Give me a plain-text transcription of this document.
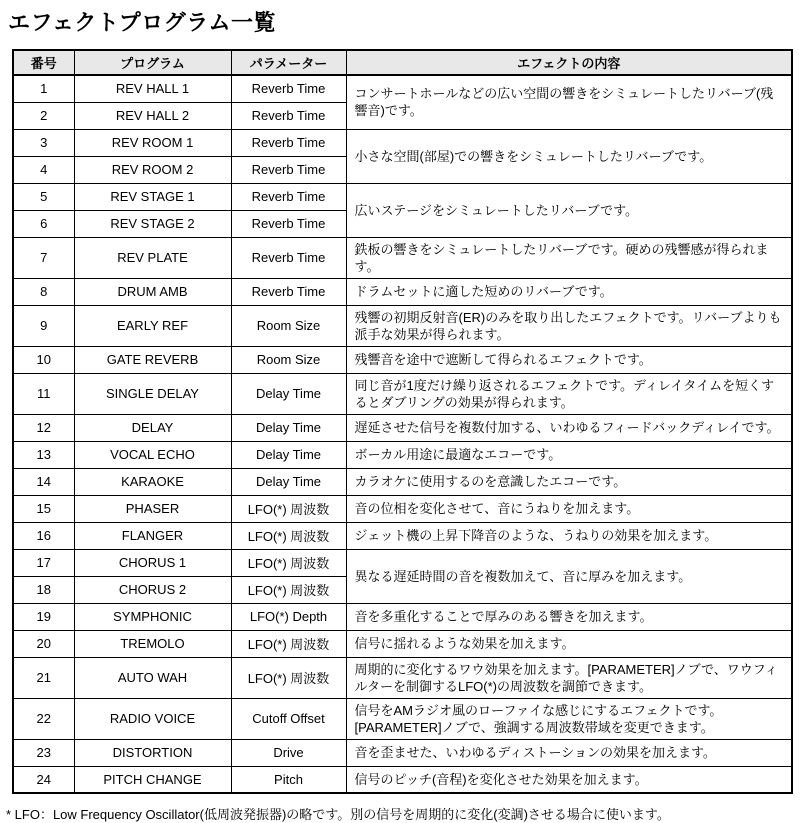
エフェクトプログラム一覧
番号	プログラム	パラメーター	エフェクトの内容
1	REV HALL 1	Reverb Time	コンサートホールなどの広い空間の響きをシミュレートしたリバーブ(残響音)です。
2	REV HALL 2	Reverb Time	
3	REV ROOM 1	Reverb Time	小さな空間(部屋)での響きをシミュレートしたリバーブです。
4	REV ROOM 2	Reverb Time	
5	REV STAGE 1	Reverb Time	広いステージをシミュレートしたリバーブです。
6	REV STAGE 2	Reverb Time	
7	REV PLATE	Reverb Time	鉄板の響きをシミュレートしたリバーブです。硬めの残響感が得られます。
8	DRUM AMB	Reverb Time	ドラムセットに適した短めのリバーブです。
9	EARLY REF	Room Size	残響の初期反射音(ER)のみを取り出したエフェクトです。リバーブよりも派手な効果が得られます。
10	GATE REVERB	Room Size	残響音を途中で遮断して得られるエフェクトです。
11	SINGLE DELAY	Delay Time	同じ音が1度だけ繰り返されるエフェクトです。ディレイタイムを短くするとダブリングの効果が得られます。
12	DELAY	Delay Time	遅延させた信号を複数付加する、いわゆるフィードバックディレイです。
13	VOCAL ECHO	Delay Time	ボーカル用途に最適なエコーです。
14	KARAOKE	Delay Time	カラオケに使用するのを意識したエコーです。
15	PHASER	LFO(*) 周波数	音の位相を変化させて、音にうねりを加えます。
16	FLANGER	LFO(*) 周波数	ジェット機の上昇下降音のような、うねりの効果を加えます。
17	CHORUS 1	LFO(*) 周波数	異なる遅延時間の音を複数加えて、音に厚みを加えます。
18	CHORUS 2	LFO(*) 周波数	
19	SYMPHONIC	LFO(*) Depth	音を多重化することで厚みのある響きを加えます。
20	TREMOLO	LFO(*) 周波数	信号に揺れるような効果を加えます。
21	AUTO WAH	LFO(*) 周波数	周期的に変化するワウ効果を加えます。[PARAMETER]ノブで、ワウフィルターを制御するLFO(*)の周波数を調節できます。
22	RADIO VOICE	Cutoff Offset	信号をAMラジオ風のローファイな感じにするエフェクトです。[PARAMETER]ノブで、強調する周波数帯域を変更できます。
23	DISTORTION	Drive	音を歪ませた、いわゆるディストーションの効果を加えます。
24	PITCH CHANGE	Pitch	信号のピッチ(音程)を変化させた効果を加えます。
* LFO：Low Frequency Oscillator(低周波発振器)の略です。別の信号を周期的に変化(変調)させる場合に使います。
